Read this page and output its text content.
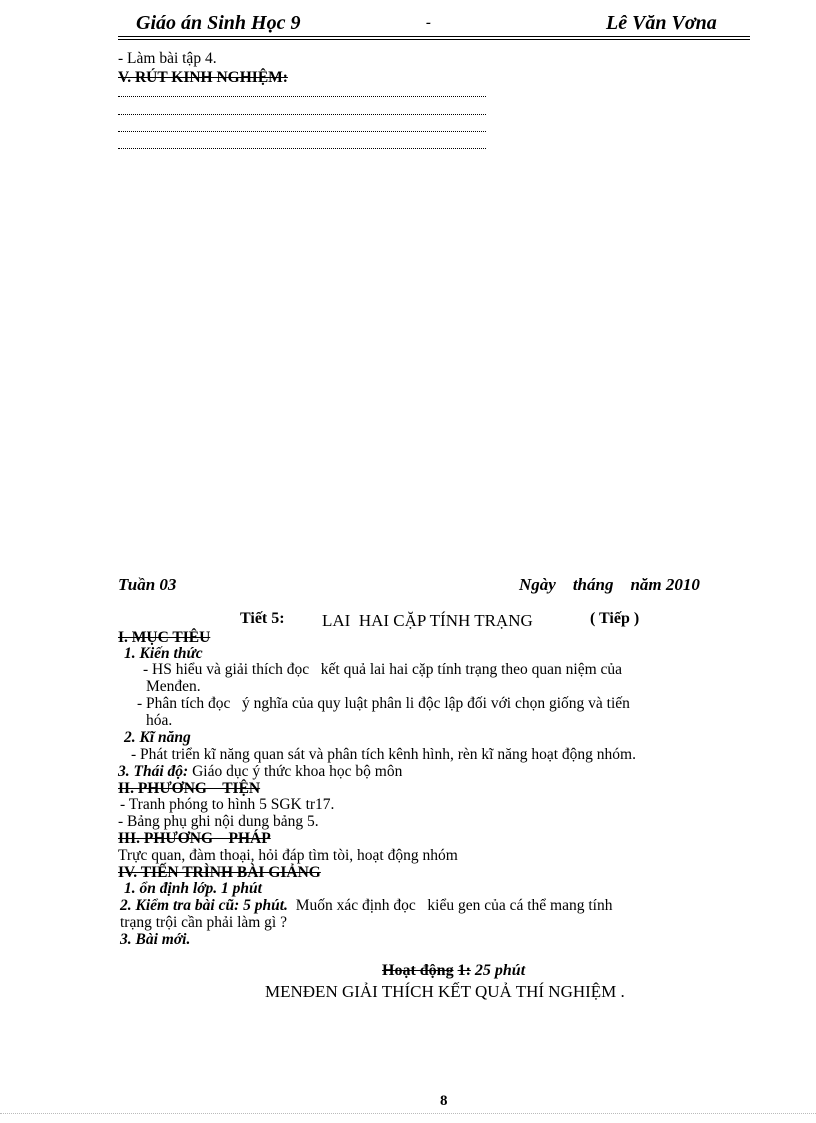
Giáo án Sinh Học 9	-	Lê Văn Vơna
- Làm bài tập 4.
V. RÚT KINH NGHIỆM:
Tuần 03	Ngày    tháng    năm 2010
Tiết 5: LAI  HAI CẶP TÍNH TRẠNG	( Tiếp )
I. MỤC TIÊU
1. Kiến thức
- HS hiểu và giải thích đọc   kết quả lai hai cặp tính trạng theo quan niệm của
Menđen.
- Phân tích đọc   ý nghĩa của quy luật phân li độc lập đối với chọn giống và tiến
hóa.
2. Kĩ năng
- Phát triển kĩ năng quan sát và phân tích kênh hình, rèn kĩ năng hoạt động nhóm.
3. Thái độ: Giáo dục ý thức khoa học bộ môn
II. PHƯƠNG    TIỆN
- Tranh phóng to hình 5 SGK tr17.
- Bảng phụ ghi nội dung bảng 5.
III. PHƯƠNG    PHÁP
Trực quan, đàm thoại, hỏi đáp tìm tòi, hoạt động nhóm
IV. TIẾN TRÌNH BÀI GIẢNG
1. ổn định lớp. 1 phút
2. Kiểm tra bài cũ: 5 phút. Muốn xác định đọc   kiểu gen của cá thể mang tính
trạng trội cần phải làm gì ?
3. Bài mới.
Hoạt động 1: 25 phút
MENĐEN GIẢI THÍCH KẾT QUẢ THÍ NGHIỆM .
8
